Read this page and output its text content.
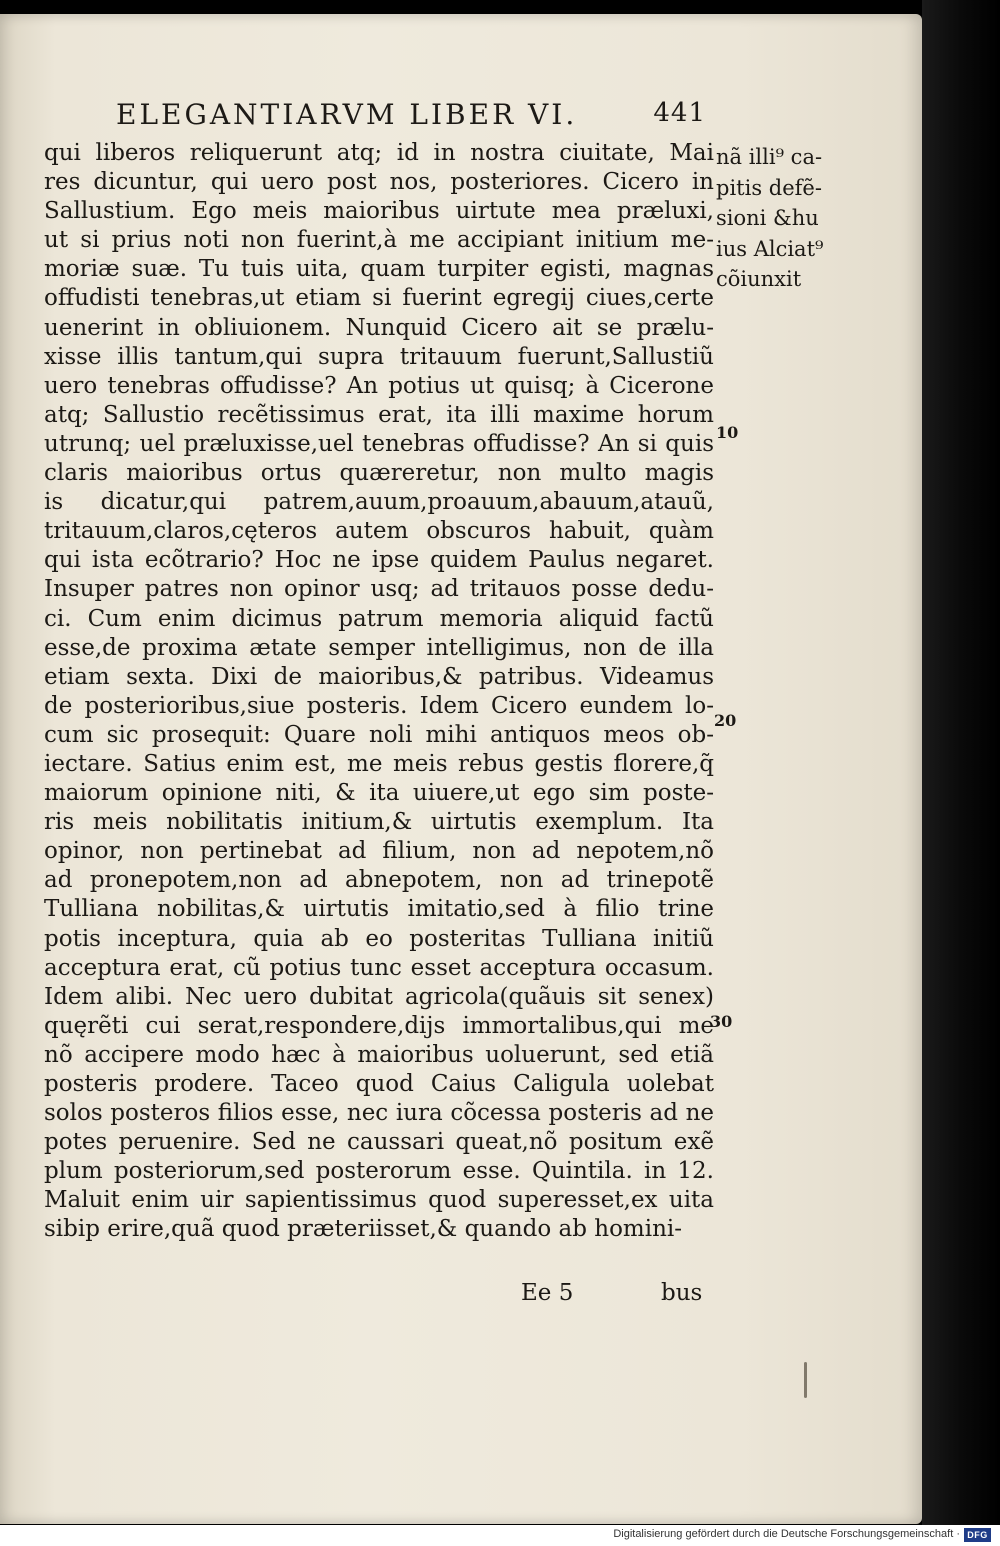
ELEGANTIARVM LIBER VI.	441
qui liberos reliquerunt atq; id in nostra ciuitate, Mai
res dicuntur, qui uero post nos, posteriores. Cicero in
Sallustium. Ego meis maioribus uirtute mea præluxi,
ut si prius noti non fuerint,à me accipiant initium me-
moriæ suæ. Tu tuis uita, quam turpiter egisti, magnas
offudisti tenebras,ut etiam si fuerint egregij ciues,certe
uenerint in obliuionem. Nunquid Cicero ait se prælu-
xisse illis tantum,qui supra tritauum fuerunt,Sallustiũ
uero tenebras offudisse? An potius ut quisq; à Cicerone
atq; Sallustio recẽtissimus erat, ita illi maxime horum
utrunq; uel præluxisse,uel tenebras offudisse? An si quis
claris maioribus ortus quæreretur, non multo magis
is dicatur,qui patrem,auum,proauum,abauum,atauũ,
tritauum,claros,cęteros autem obscuros habuit, quàm
qui ista ecõtrario? Hoc ne ipse quidem Paulus negaret.
Insuper patres non opinor usq; ad tritauos posse dedu-
ci. Cum enim dicimus patrum memoria aliquid factũ
esse,de proxima ætate semper intelligimus, non de illa
etiam sexta. Dixi de maioribus,& patribus. Videamus
de posterioribus,siue posteris. Idem Cicero eundem lo-
cum sic prosequit: Quare noli mihi antiquos meos ob-
iectare. Satius enim est, me meis rebus gestis florere,q̃
maiorum opinione niti, & ita uiuere,ut ego sim poste-
ris meis nobilitatis initium,& uirtutis exemplum. Ita
opinor, non pertinebat ad filium, non ad nepotem,nõ
ad pronepotem,non ad abnepotem, non ad trinepotẽ
Tulliana nobilitas,& uirtutis imitatio,sed à filio trine
potis inceptura, quia ab eo posteritas Tulliana initiũ
acceptura erat, cũ potius tunc esset acceptura occasum.
Idem alibi. Nec uero dubitat agricola(quãuis sit senex)
quęrẽti cui serat,respondere,dijs immortalibus,qui me
nõ accipere modo hæc à maioribus uoluerunt, sed etiã
posteris prodere. Taceo quod Caius Caligula uolebat
solos posteros filios esse, nec iura cõcessa posteris ad ne
potes peruenire. Sed ne caussari queat,nõ positum exẽ
plum posteriorum,sed posterorum esse. Quintila. in 12.
Maluit enim uir sapientissimus quod superesset,ex uita
sibip erire,quã quod præteriisset,& quando ab homini-
nã illi⁹ ca-
pitis defẽ-
sioni &hu
ius Alciat⁹
cõiunxit
10
20
30
Ee 5	bus
Digitalisierung gefördert durch die Deutsche Forschungsgemeinschaft · DFG
